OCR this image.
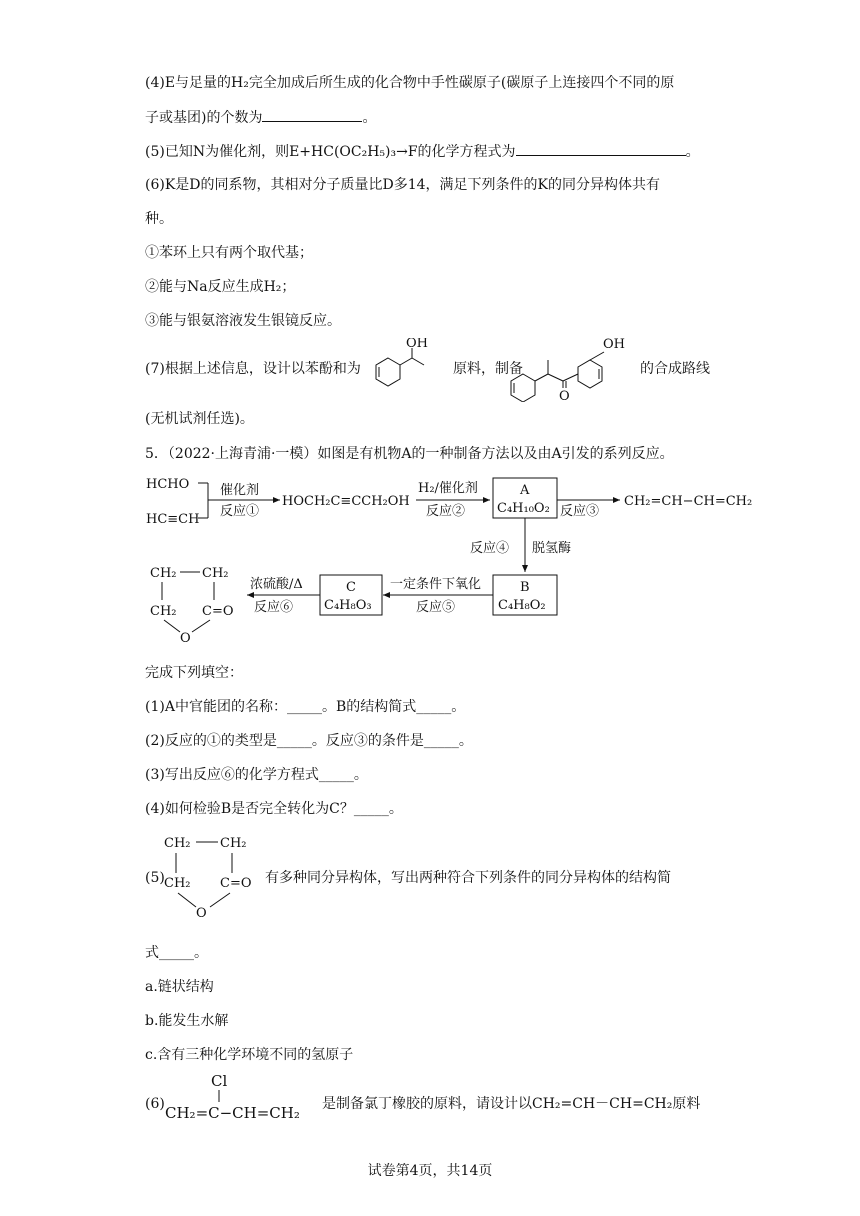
(4)E与足量的H₂完全加成后所生成的化合物中手性碳原子(碳原子上连接四个不同的原
子或基团)的个数为	。
(5)已知N为催化剂，则E+HC(OC₂H₅)₃→F的化学方程式为	。
(6)K是D的同系物，其相对分子质量比D多14，满足下列条件的K的同分异构体共有
种。
①苯环上只有两个取代基；
②能与Na反应生成H₂；
③能与银氨溶液发生银镜反应。
(7)根据上述信息，设计以苯酚和为
OH
原料，制备
O
OH
的合成路线
(无机试剂任选)。
5．（2022·上海青浦·一模）如图是有机物A的一种制备方法以及由A引发的系列反应。
HCHO
HC≡CH
催化剂
反应①
HOCH₂C≡CCH₂OH
H₂/催化剂
反应②
A
C₄H₁₀O₂ 反应③
CH₂=CH−CH=CH₂
反应④ 脱氢酶
B
C₄H₈O₂
一定条件下氧化
反应⑤
C
C₄H₈O₃
浓硫酸/Δ
反应⑥
CH₂ CH₂
CH₂ C=O
O
完成下列填空：
(1)A中官能团的名称：_____。B的结构简式_____。
(2)反应的①的类型是_____。反应③的条件是_____。
(3)写出反应⑥的化学方程式_____。
(4)如何检验B是否完全转化为C？_____。
(5)
CH₂ CH₂
CH₂ C=O
O
有多种同分异构体，写出两种符合下列条件的同分异构体的结构简
式_____。
a.链状结构
b.能发生水解
c.含有三种化学环境不同的氢原子
(6)
Cl
CH₂=C−CH=CH₂ 是制备氯丁橡胶的原料，请设计以CH₂=CH－CH=CH₂原料
试卷第4页，共14页
